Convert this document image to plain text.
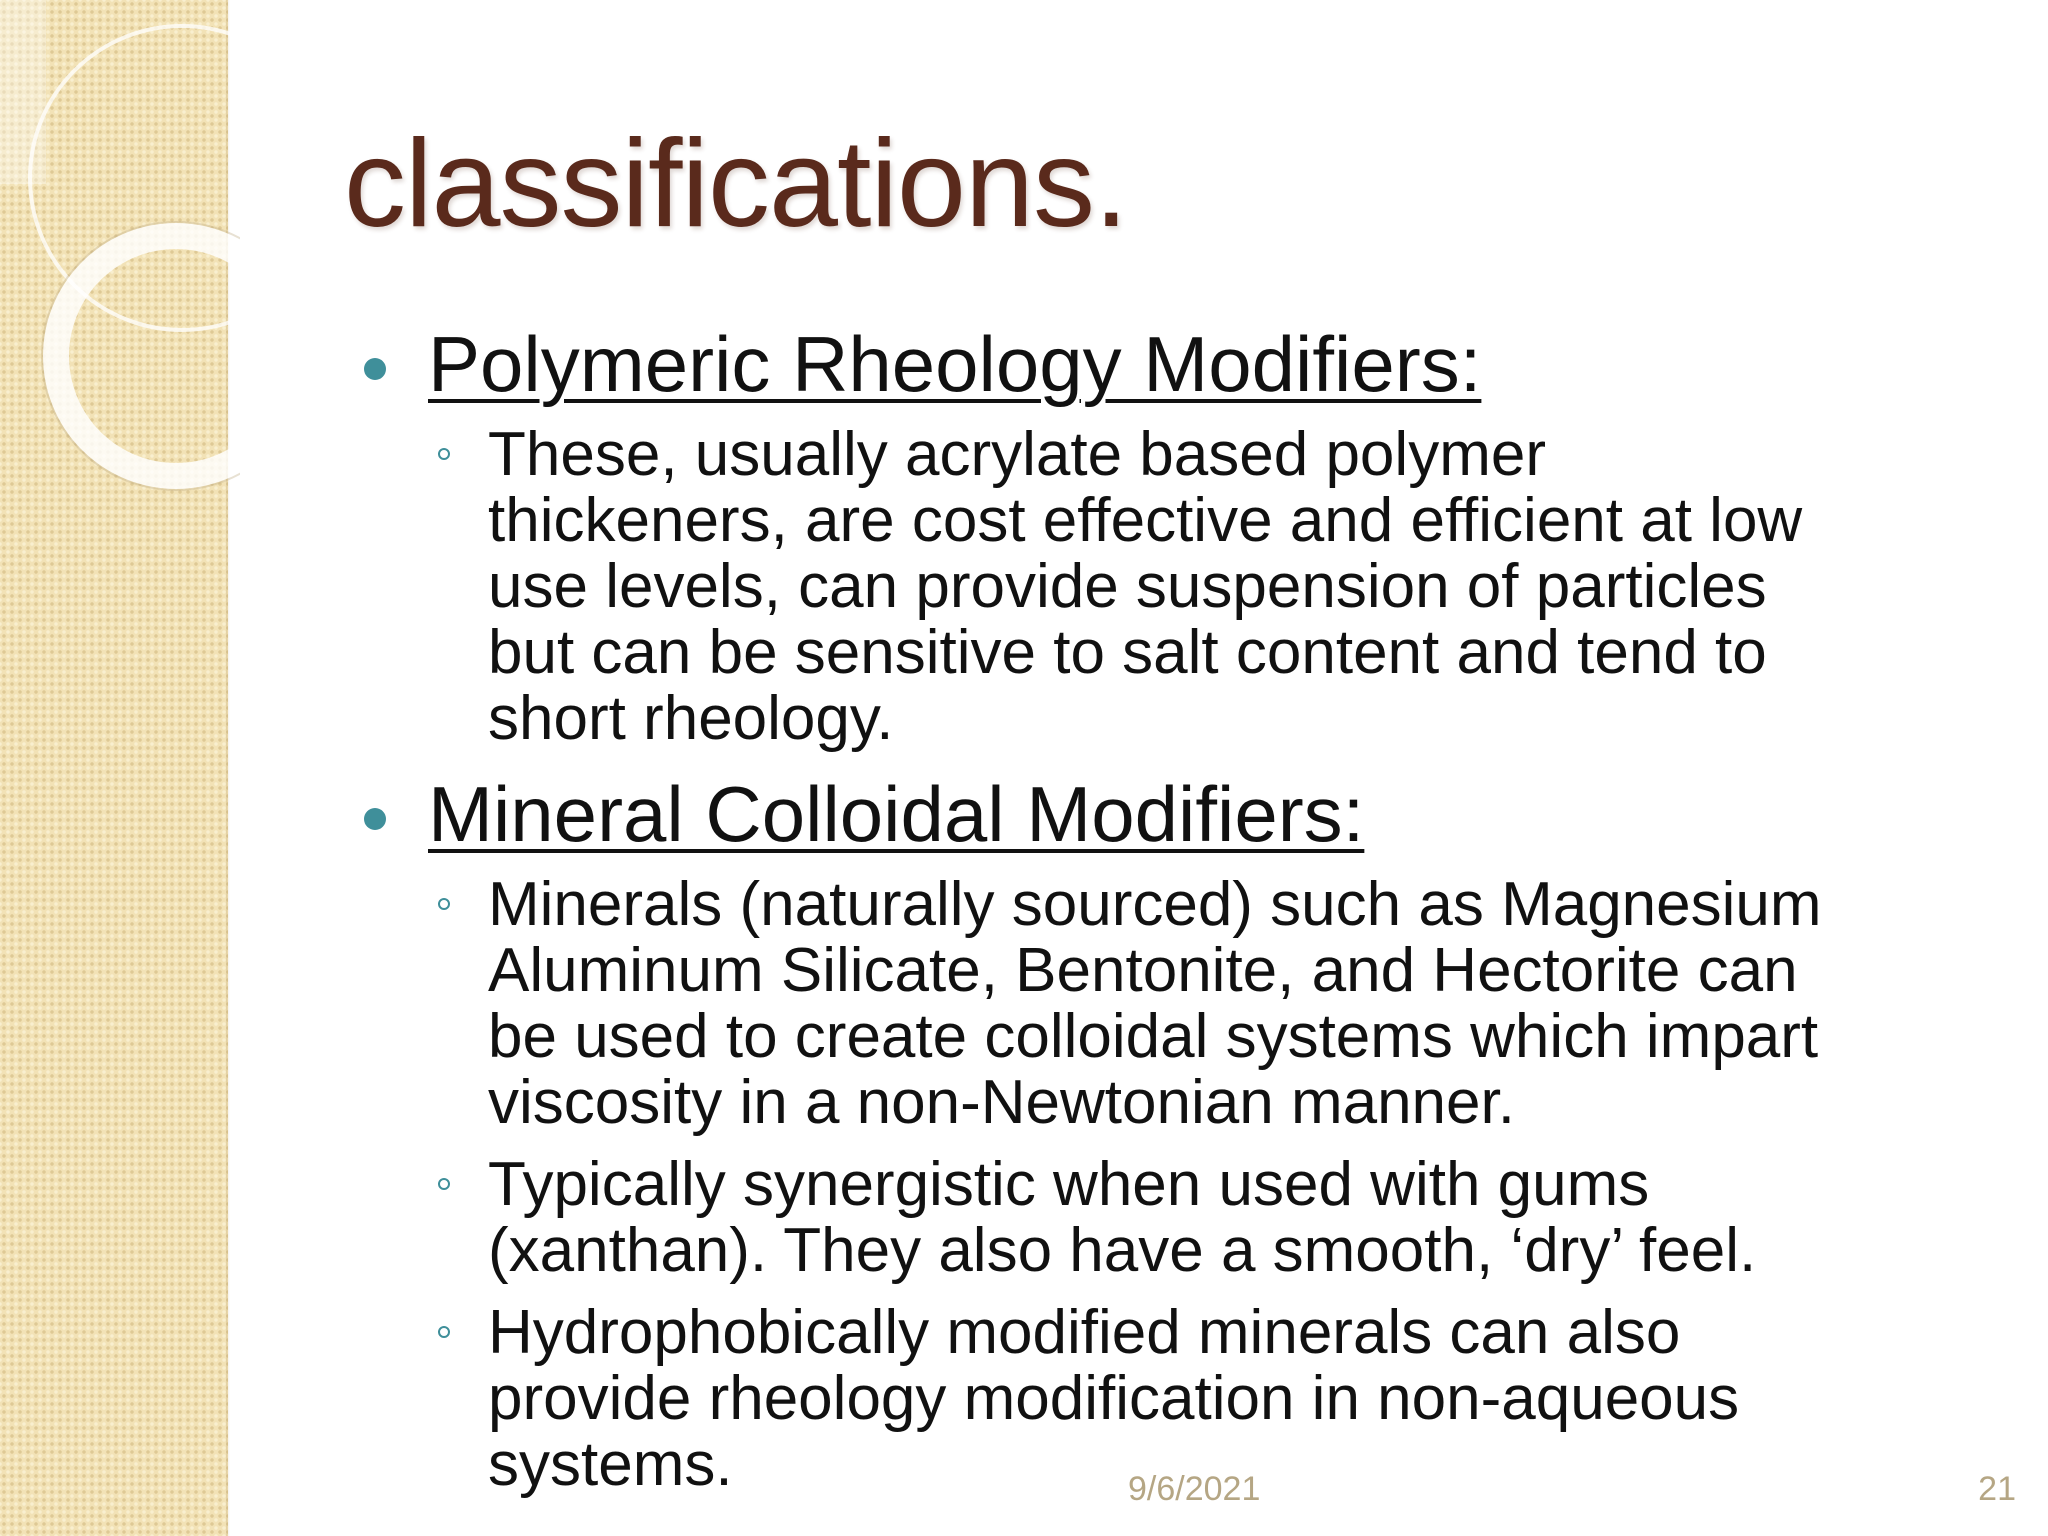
classifications.
Polymeric Rheology Modifiers:
These, usually acrylate based polymer
thickeners, are cost effective and efficient at low
use levels, can provide suspension of particles
but can be sensitive to salt content and tend to
short rheology.
Mineral Colloidal Modifiers:
Minerals (naturally sourced) such as Magnesium
Aluminum Silicate, Bentonite, and Hectorite can
be used to create colloidal systems which impart
viscosity in a non-Newtonian manner.
Typically synergistic when used with gums
(xanthan). They also have a smooth, ‘dry’ feel.
Hydrophobically modified minerals can also
provide rheology modification in non-aqueous
systems.	9/6/2021	21
